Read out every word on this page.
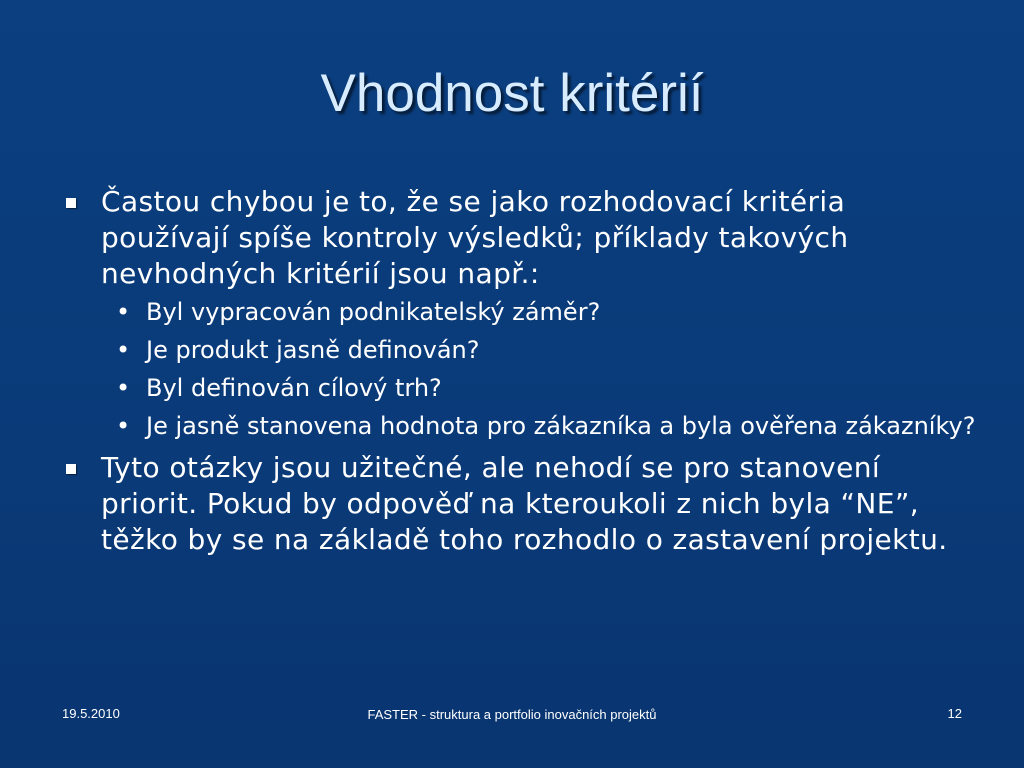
Vhodnost kritérií
Častou chybou je to, že se jako rozhodovací kritéria používají spíše kontroly výsledků; příklady takových nevhodných kritérií jsou např.:
• Byl vypracován podnikatelský záměr?
• Je produkt jasně definován?
• Byl definován cílový trh?
• Je jasně stanovena hodnota pro zákazníka a byla ověřena zákazníky?
Tyto otázky jsou užitečné, ale nehodí se pro stanovení priorit. Pokud by odpověď na kteroukoli z nich byla “NE”, těžko by se na základě toho rozhodlo o zastavení projektu.
19.5.2010	FASTER - struktura a portfolio inovačních projektů	12
